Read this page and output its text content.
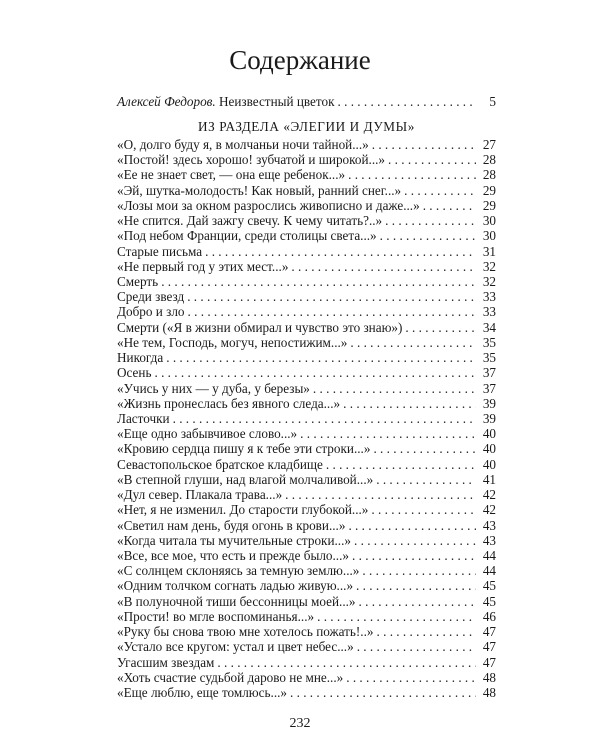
Содержание
Алексей Федоров. Неизвестный цветок . . .	5
ИЗ РАЗДЕЛА «ЭЛЕГИИ И ДУМЫ»
«О, долго буду я, в молчаньи ночи тайной...» . . .	27
«Постой! здесь хорошо! зубчатой и широкой...» . . .	28
«Ее не знает свет, — она еще ребенок...» . . .	28
«Эй, шутка-молодость! Как новый, ранний снег...» . . .	29
«Лозы мои за окном разрослись живописно и даже...» . . .	29
«Не спится. Дай зажгу свечу. К чему читать?..» . . .	30
«Под небом Франции, среди столицы света...» . . .	30
Старые письма . . .	31
«Не первый год у этих мест...» . . .	32
Смерть . . .	32
Среди звезд . . .	33
Добро и зло . . .	33
Смерти («Я в жизни обмирал и чувство это знаю») . . .	34
«Не тем, Господь, могуч, непостижим...» . . .	35
Никогда . . .	35
Осень . . .	37
«Учись у них — у дуба, у березы» . . .	37
«Жизнь пронеслась без явного следа...» . . .	39
Ласточки . . .	39
«Еще одно забывчивое слово...» . . .	40
«Кровию сердца пишу я к тебе эти строки...» . . .	40
Севастопольское братское кладбище . . .	40
«В степной глуши, над влагой молчаливой...» . . .	41
«Дул север. Плакала трава...» . . .	42
«Нет, я не изменил. До старости глубокой...» . . .	42
«Светил нам день, будя огонь в крови...» . . .	43
«Когда читала ты мучительные строки...» . . .	43
«Все, все мое, что есть и прежде было...» . . .	44
«С солнцем склоняясь за темную землю...» . . .	44
«Одним толчком согнать ладью живую...» . . .	45
«В полуночной тиши бессонницы моей...» . . .	45
«Прости! во мгле воспоминанья...» . . .	46
«Руку бы снова твою мне хотелось пожать!..» . . .	47
«Устало все кругом: устал и цвет небес...» . . .	47
Угасшим звездам . . .	47
«Хоть счастие судьбой дарово не мне...» . . .	48
«Еще люблю, еще томлюсь...» . . .	48
232
